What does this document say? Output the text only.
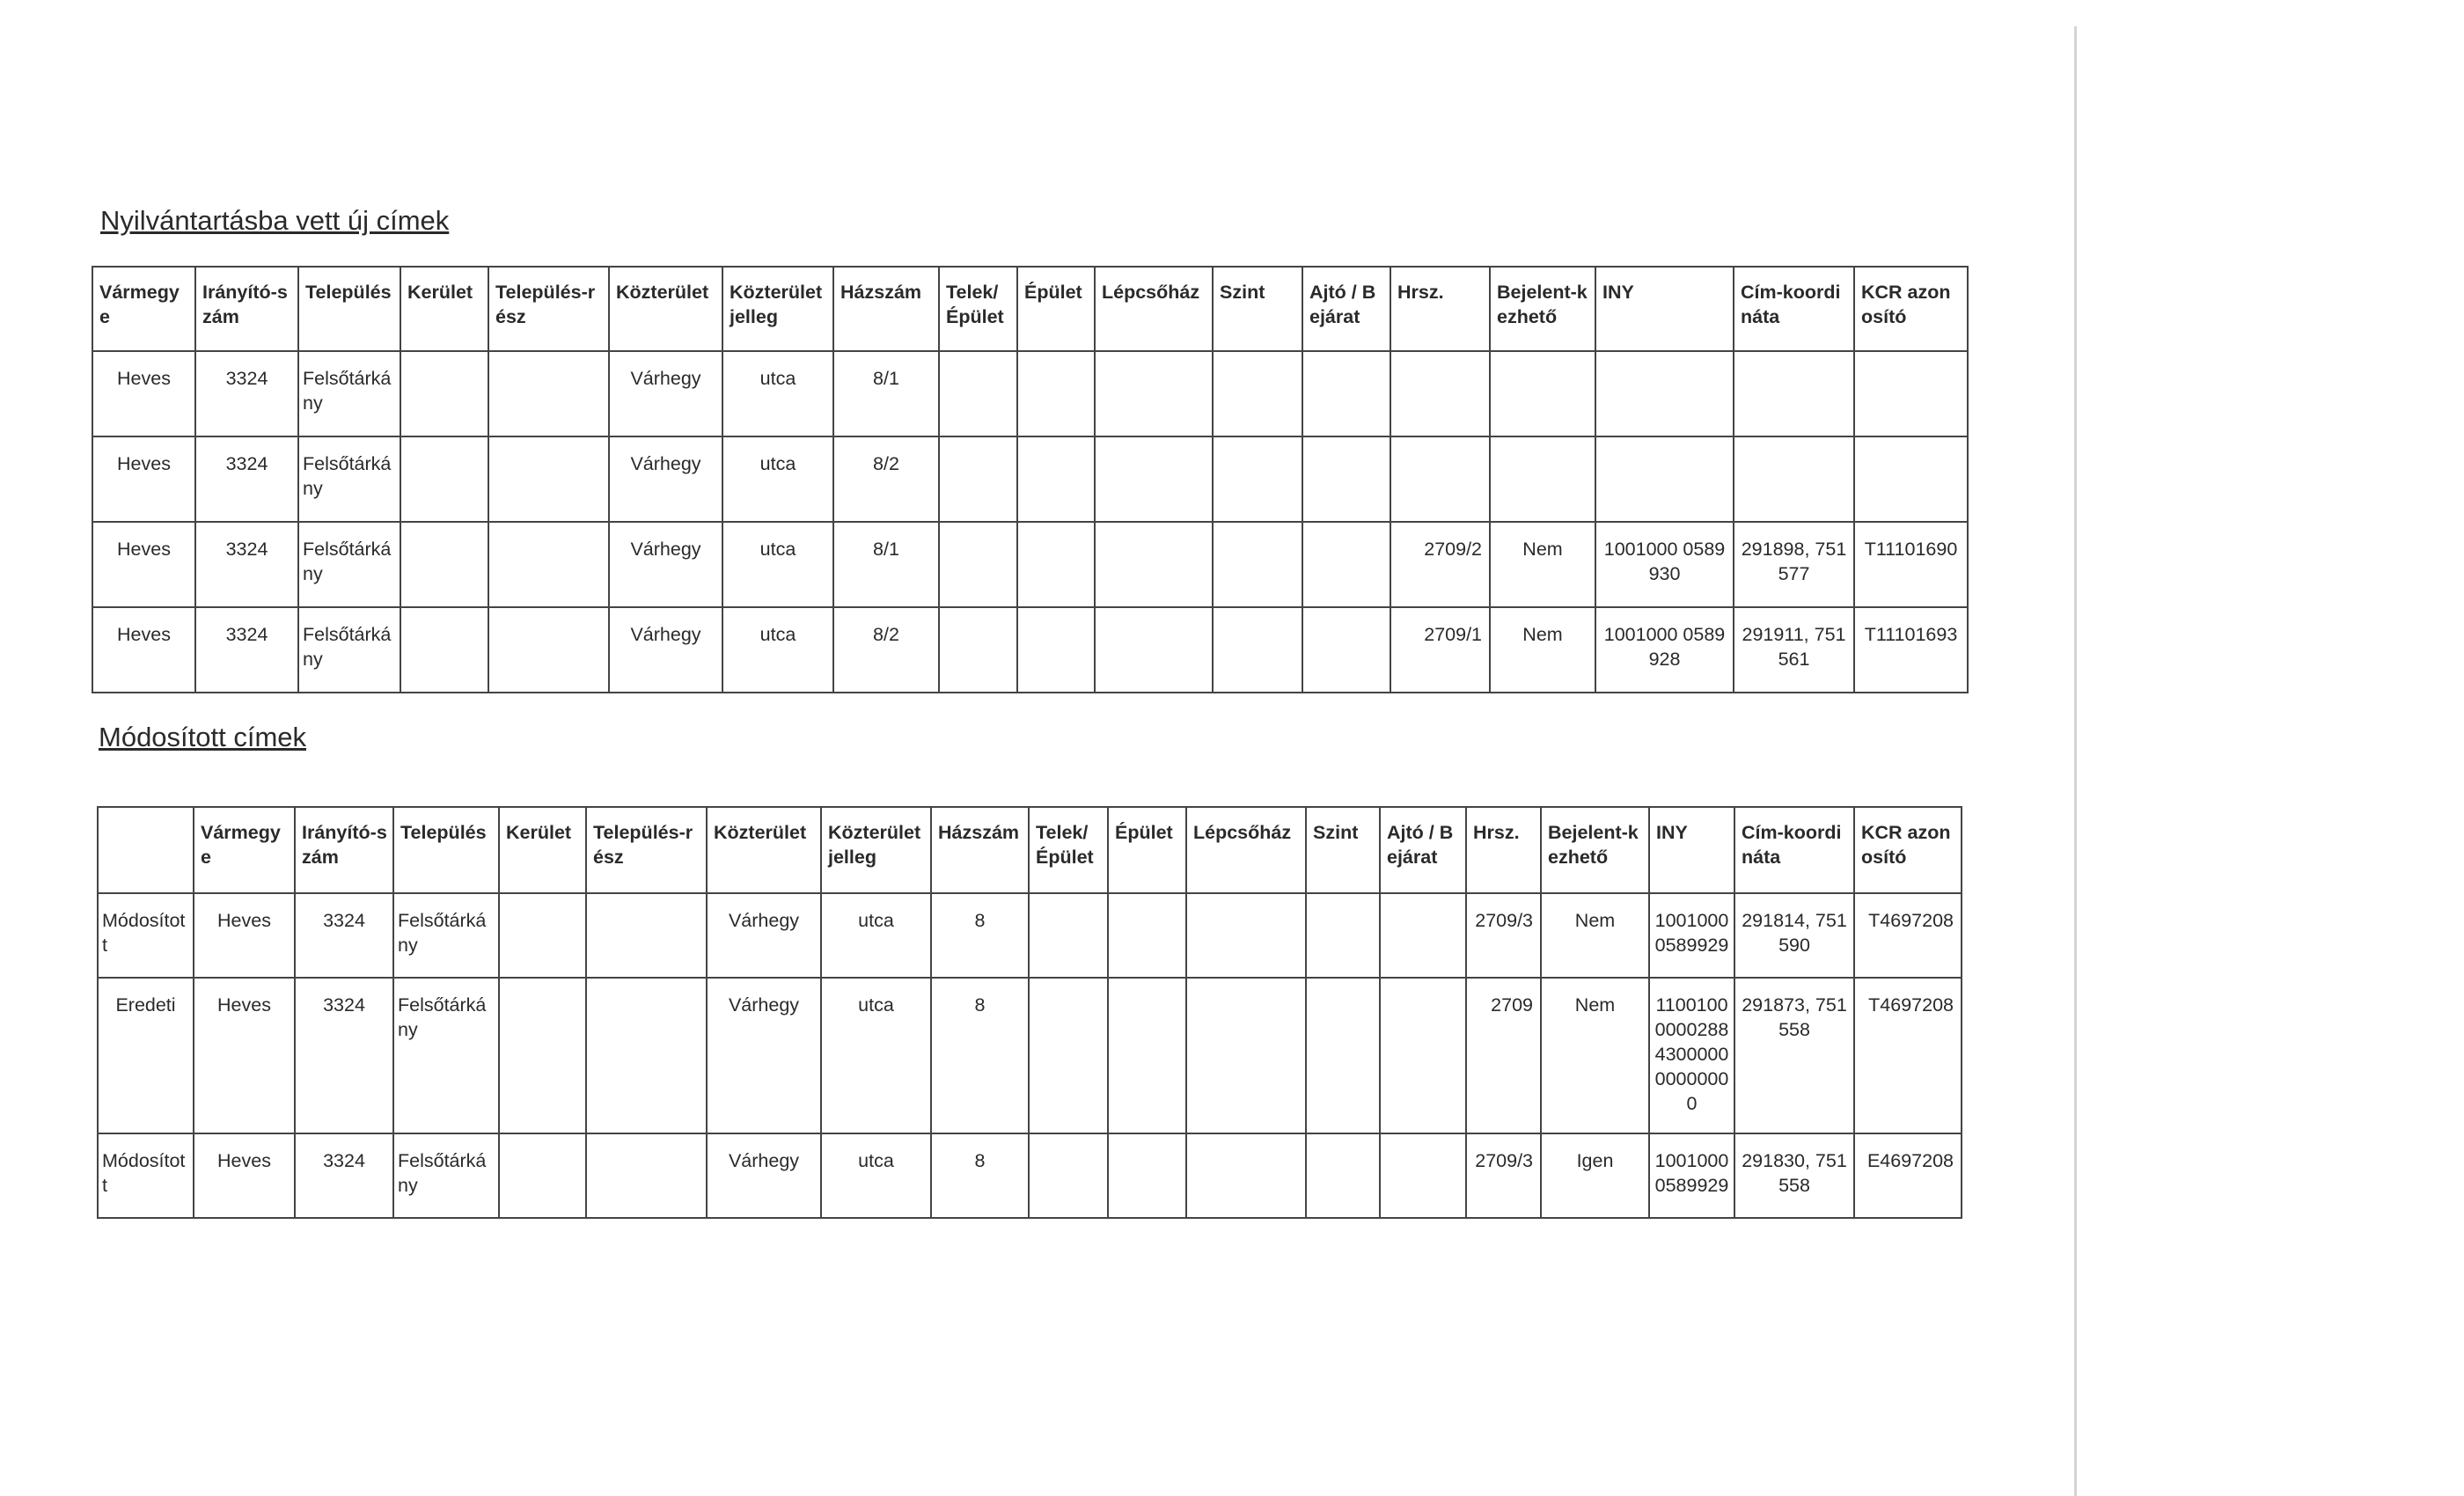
Nyilvántartásba vett új címek
Vármegye	Irányító-szám	Település	Kerület	Település-rész	Közterület	Közterület jelleg	Házszám	Telek/ Épület	Épület	Lépcsőház	Szint	Ajtó / Bejárat	Hrsz.	Bejelent-kezhető	INY	Cím-koordináta	KCR azonosító
Heves	3324	Felsőtárkány			Várhegy	utca	8/1										
Heves	3324	Felsőtárkány			Várhegy	utca	8/2										
Heves	3324	Felsőtárkány			Várhegy	utca	8/1						2709/2	Nem	1001000 0589930	291898, 751577	T11101690
Heves	3324	Felsőtárkány			Várhegy	utca	8/2						2709/1	Nem	1001000 0589928	291911, 751561	T11101693
Módosított címek
	Vármegye	Irányító-szám	Település	Kerület	Település-rész	Közterület	Közterület jelleg	Házszám	Telek/ Épület	Épület	Lépcsőház	Szint	Ajtó / Bejárat	Hrsz.	Bejelent-kezhető	INY	Cím-koordináta	KCR azonosító
Módosított	Heves	3324	Felsőtárkány			Várhegy	utca	8						2709/3	Nem	1001000 0589929	291814, 751590	T4697208
Eredeti	Heves	3324	Felsőtárkány			Várhegy	utca	8						2709	Nem	1100100 0000288 4300000 0000000 0	291873, 751558	T4697208
Módosított	Heves	3324	Felsőtárkány			Várhegy	utca	8						2709/3	Igen	1001000 0589929	291830, 751558	E4697208
